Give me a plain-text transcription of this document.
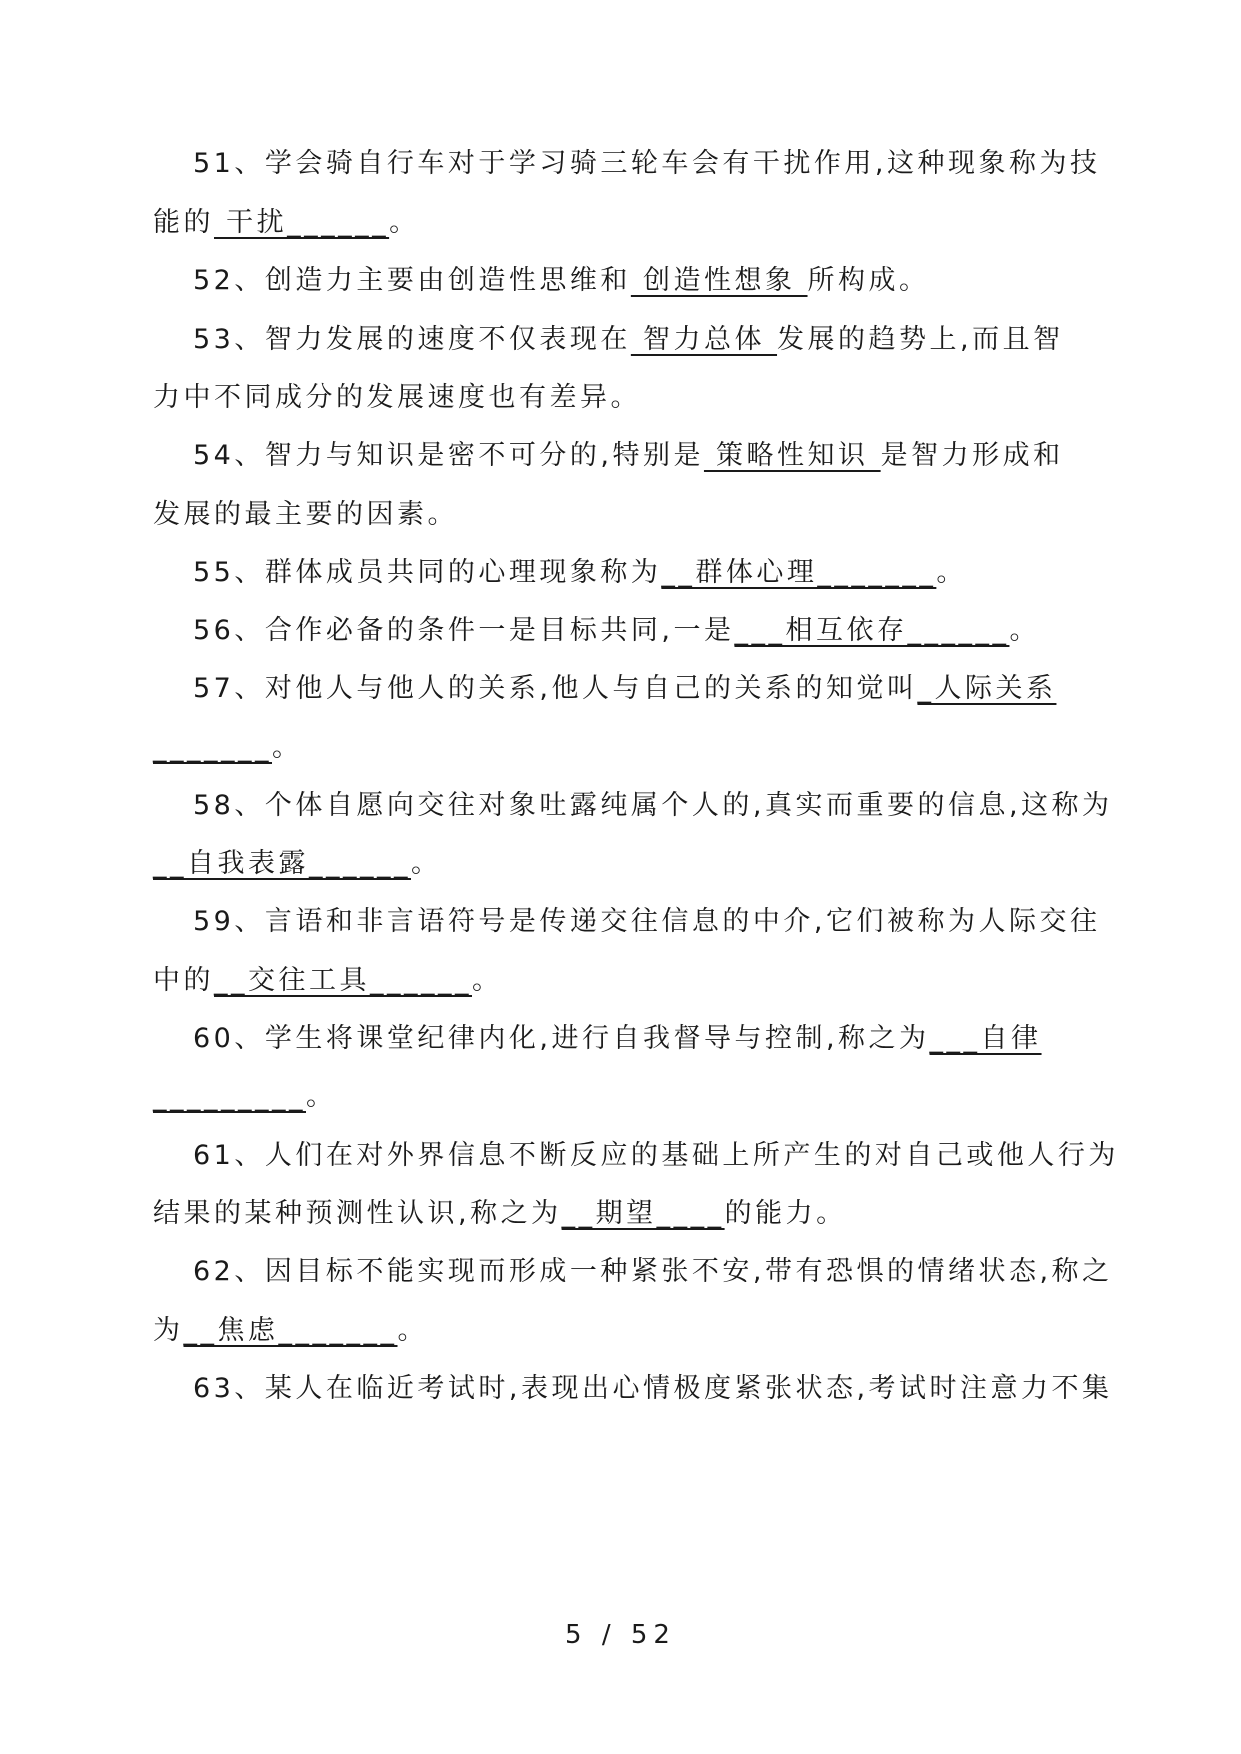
51、学会骑自行车对于学习骑三轮车会有干扰作用,这种现象称为技
能的 干扰______。
52、创造力主要由创造性思维和 创造性想象 所构成。
53、智力发展的速度不仅表现在 智力总体 发展的趋势上,而且智
力中不同成分的发展速度也有差异。
54、智力与知识是密不可分的,特别是 策略性知识 是智力形成和
发展的最主要的因素。
55、群体成员共同的心理现象称为__群体心理_______。
56、合作必备的条件一是目标共同,一是___相互依存______。
57、对他人与他人的关系,他人与自己的关系的知觉叫_人际关系
_______。
58、个体自愿向交往对象吐露纯属个人的,真实而重要的信息,这称为
__自我表露______。
59、言语和非言语符号是传递交往信息的中介,它们被称为人际交往
中的__交往工具______。
60、学生将课堂纪律内化,进行自我督导与控制,称之为___自律
_________。
61、人们在对外界信息不断反应的基础上所产生的对自己或他人行为
结果的某种预测性认识,称之为__期望____的能力。
62、因目标不能实现而形成一种紧张不安,带有恐惧的情绪状态,称之
为__焦虑_______。
63、某人在临近考试时,表现出心情极度紧张状态,考试时注意力不集
5 / 52
